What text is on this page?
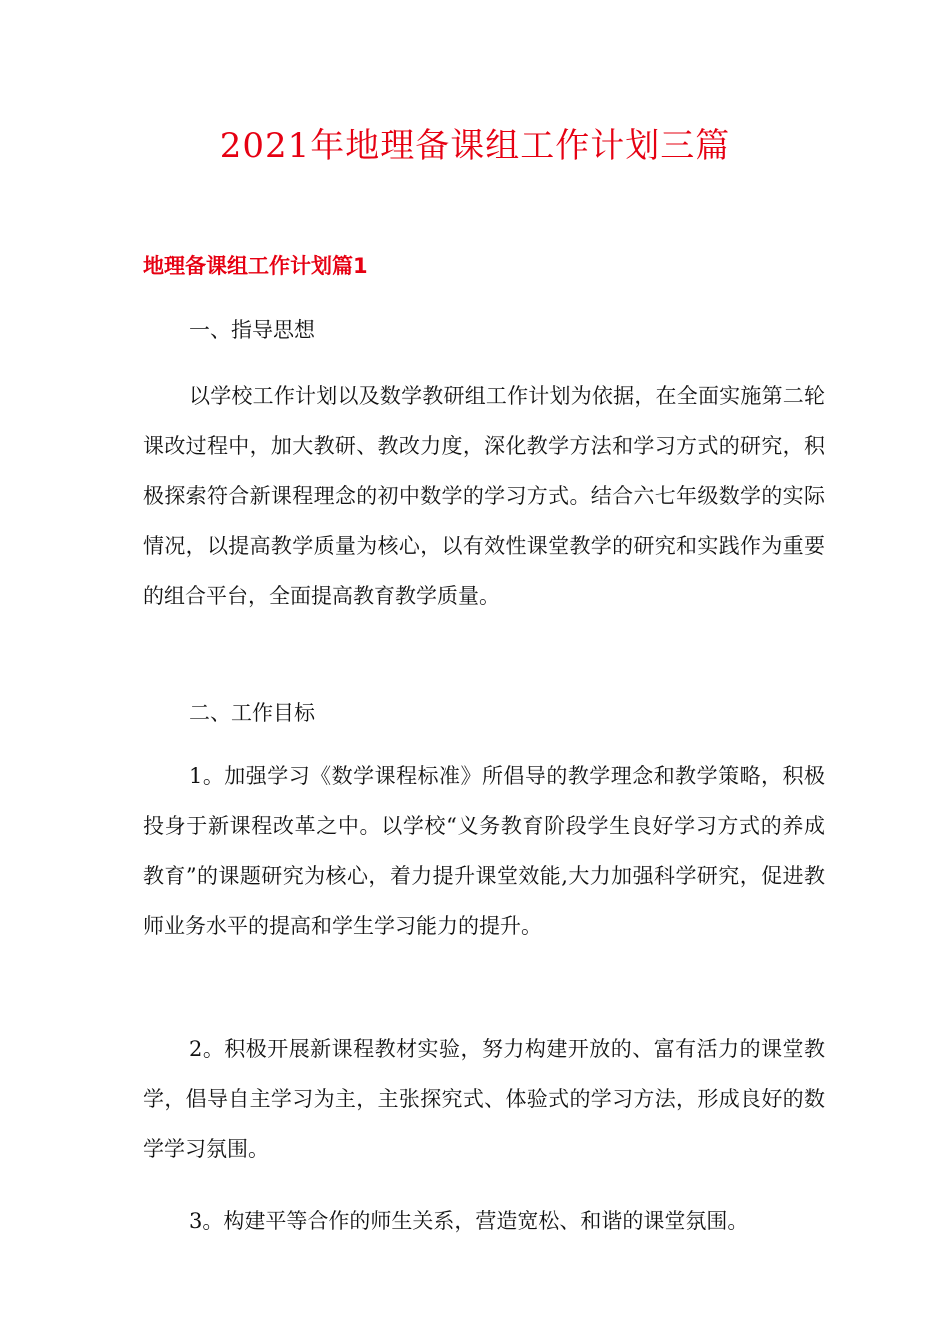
2021年地理备课组工作计划三篇
地理备课组工作计划篇1
一、指导思想

以学校工作计划以及数学教研组工作计划为依据，在全面实施第二轮课改过程中，加大教研、教改力度，深化教学方法和学习方式的研究，积极探索符合新课程理念的初中数学的学习方式。结合六七年级数学的实际情况，以提高教学质量为核心，以有效性课堂教学的研究和实践作为重要的组合平台，全面提高教育教学质量。

二、工作目标

1。加强学习《数学课程标准》所倡导的教学理念和教学策略，积极投身于新课程改革之中。以学校“义务教育阶段学生良好学习方式的养成教育”的课题研究为核心，着力提升课堂效能,大力加强科学研究，促进教师业务水平的提高和学生学习能力的提升。

2。积极开展新课程教材实验，努力构建开放的、富有活力的课堂教学，倡导自主学习为主，主张探究式、体验式的学习方法，形成良好的数学学习氛围。

3。构建平等合作的师生关系，营造宽松、和谐的课堂氛围。
